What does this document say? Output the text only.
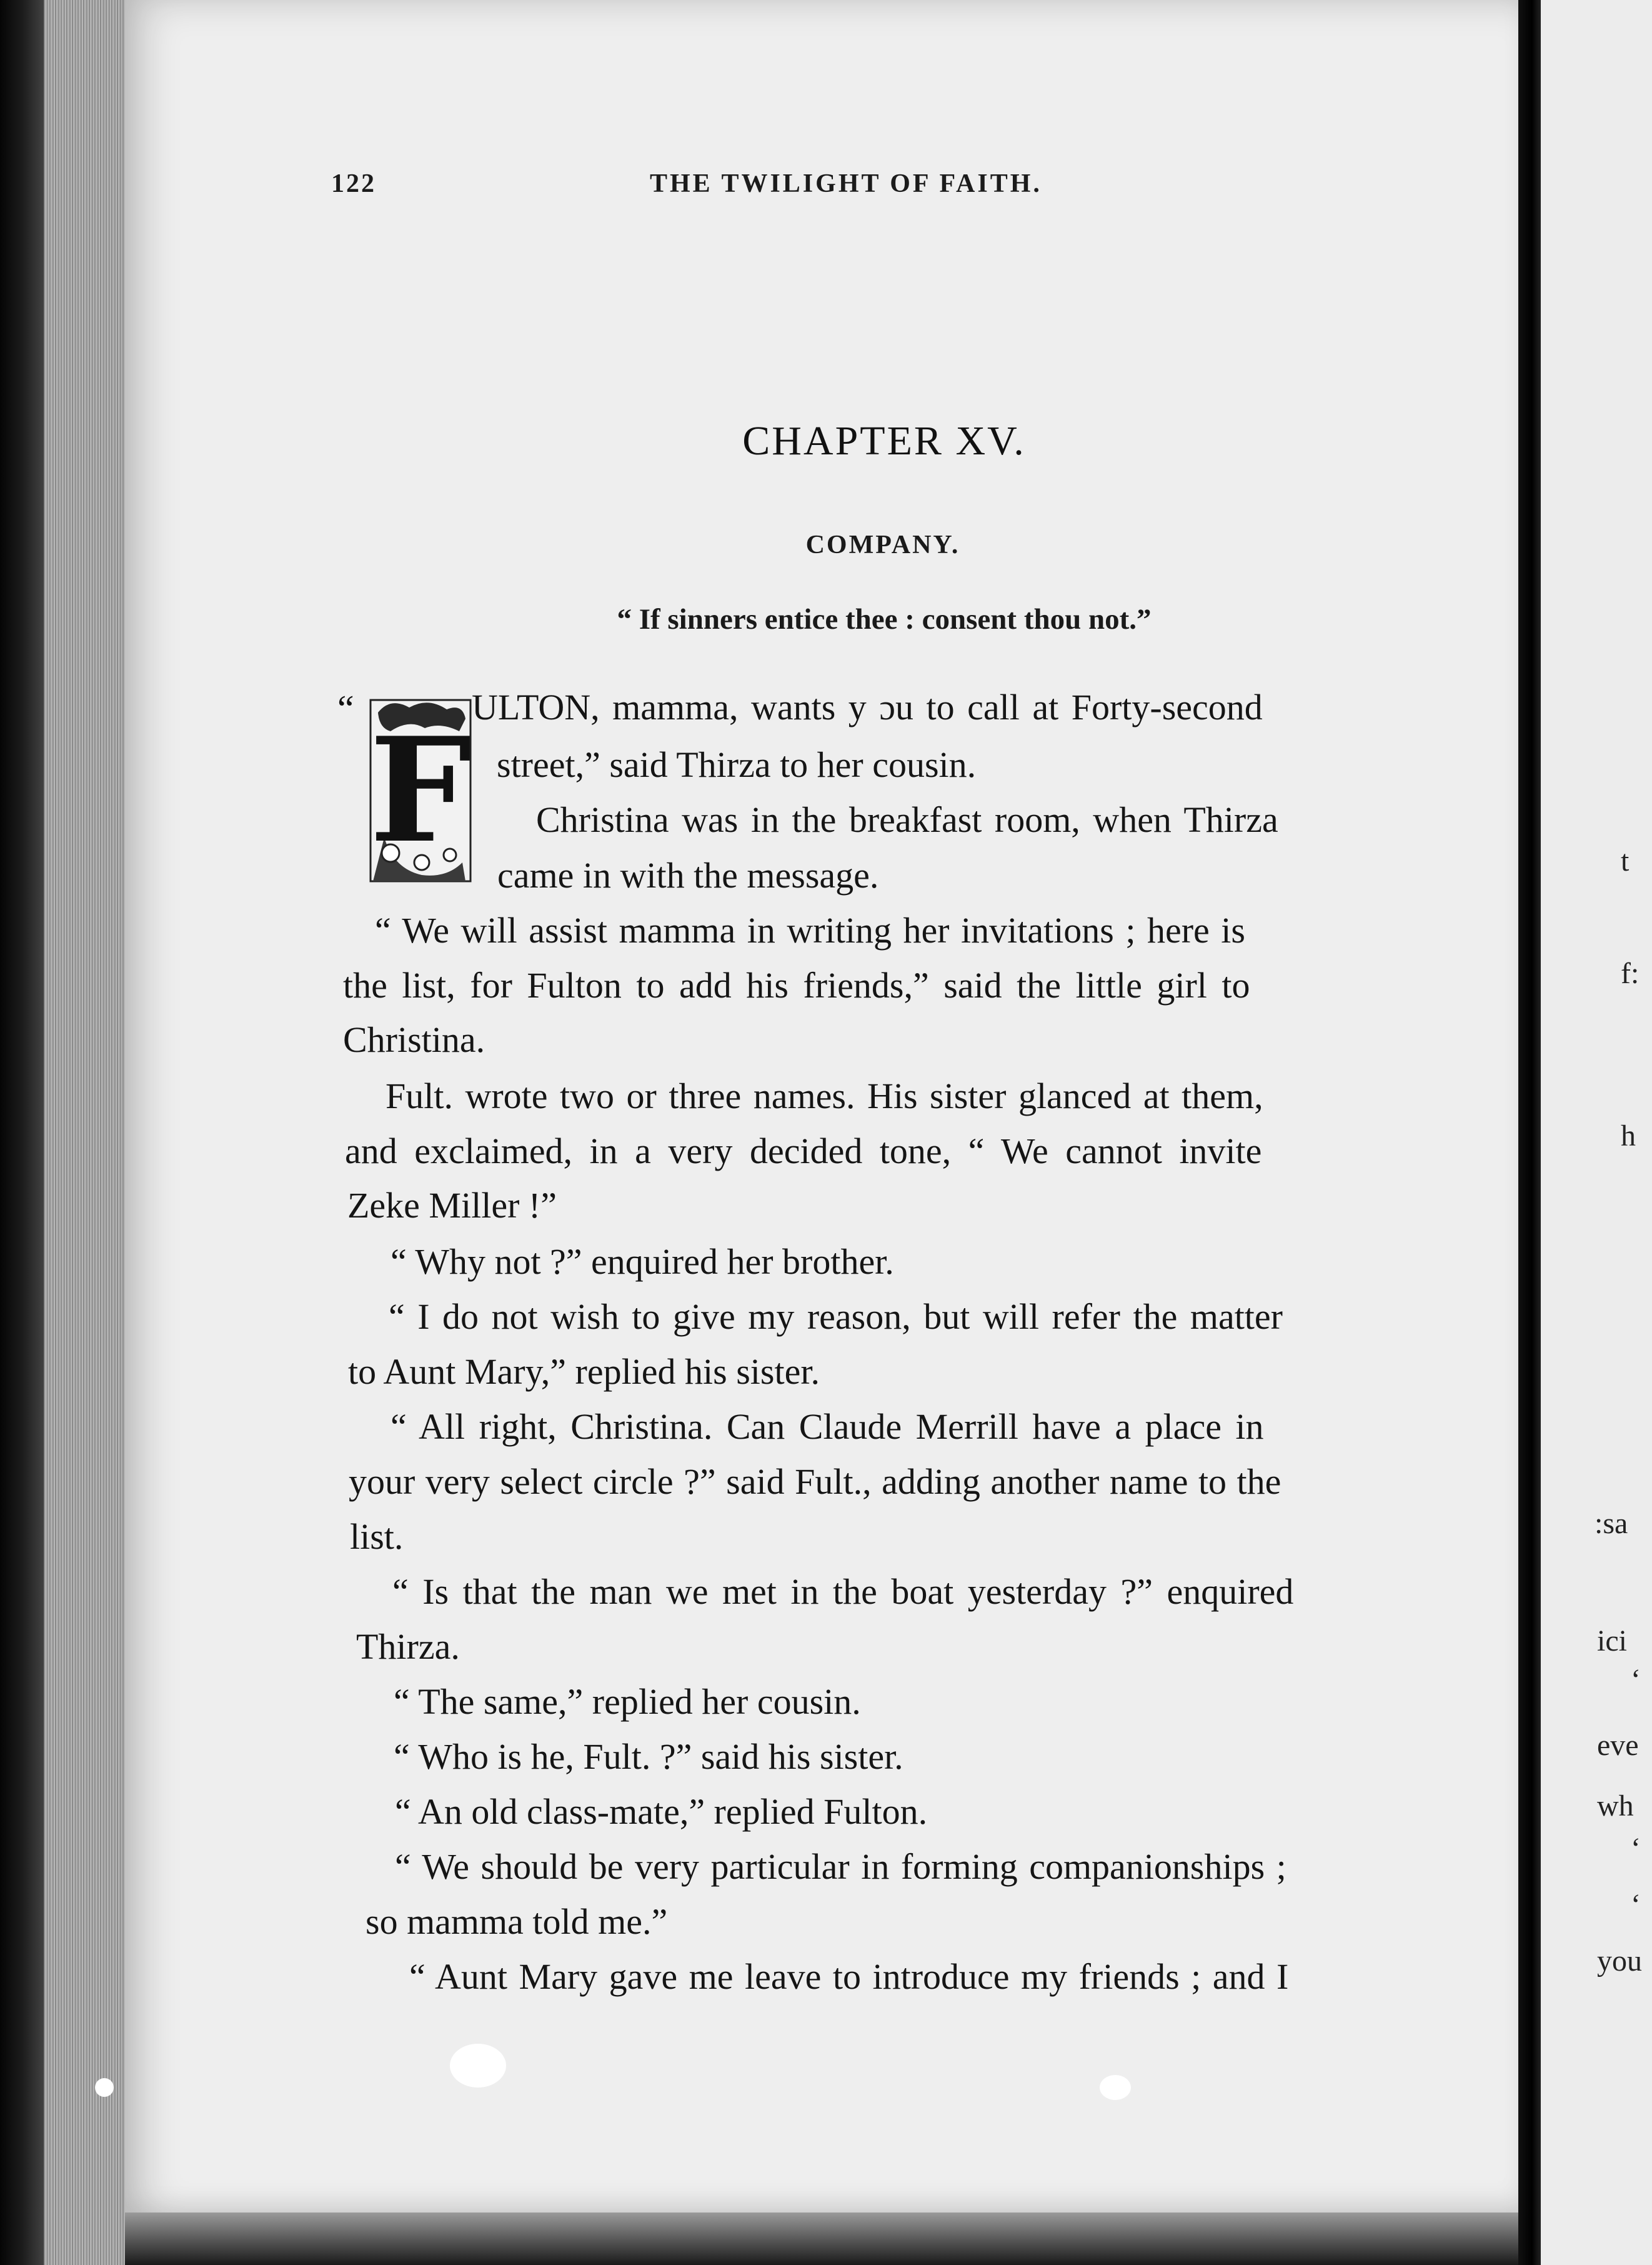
t
f:
h
:sa
ici
‘
eve
wh
‘
‘
you
122	THE TWILIGHT OF FAITH.
CHAPTER XV.
COMPANY.
“ If sinners entice thee : consent thou not.”
“ F ULTON, mamma, wants y ɔu to call at Forty-second
street,” said Thirza to her cousin.
Christina was in the breakfast room, when Thirza
came in with the message.
“ We will assist mamma in writing her invitations ; here is
the list, for Fulton to add his friends,” said the little girl to
Christina.
Fult. wrote two or three names. His sister glanced at them,
and exclaimed, in a very decided tone, “ We cannot invite
Zeke Miller !”
“ Why not ?” enquired her brother.
“ I do not wish to give my reason, but will refer the matter
to Aunt Mary,” replied his sister.
“ All right, Christina. Can Claude Merrill have a place in
your very select circle ?” said Fult., adding another name to the
list.
“ Is that the man we met in the boat yesterday ?” enquired
Thirza.
“ The same,” replied her cousin.
“ Who is he, Fult. ?” said his sister.
“ An old class-mate,” replied Fulton.
“ We should be very particular in forming companionships ;
so mamma told me.”
“ Aunt Mary gave me leave to introduce my friends ; and I
